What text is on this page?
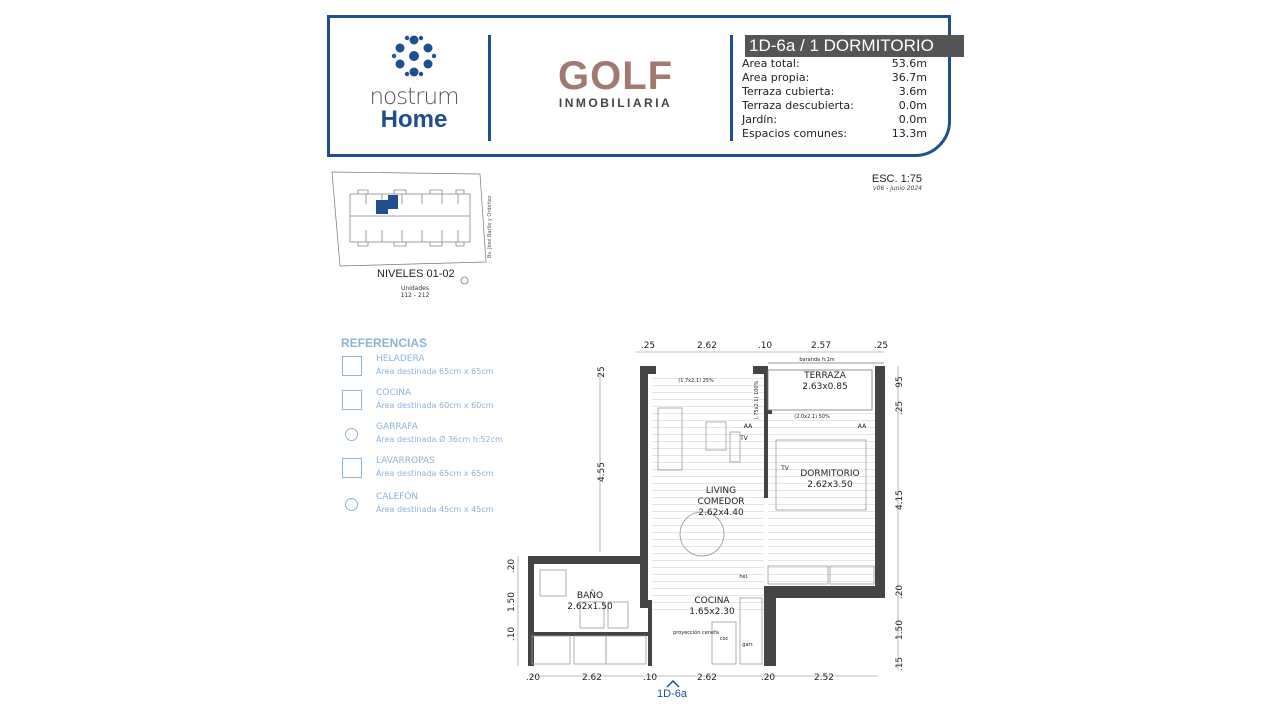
nostrum
Home
GOLF
INMOBILIARIA
1D-6a / 1 DORMITORIO
Area total:	53.6m
Area propia:	36.7m
Terraza cubierta:	3.6m
Terraza descubierta:	0.0m
Jardín:	0.0m
Espacios comunes:	13.3m
ESC. 1:75
v06 - junio 2024
Bv. José Batlle y Ordóñez
NIVELES 01-02
Unidades
112 - 212
REFERENCIAS
HELADERA
Área destinada 65cm x 65cm
COCINA
Área destinada 60cm x 60cm
GARRAFA
Área destinada Ø 36cm h:52cm
LAVARROPAS
Área destinada 65cm x 65cm
CALEFÓN
Área destinada 45cm x 45cm
TERRAZA
2.63x0.85
DORMITORIO
2.62x3.50
LIVING
COMEDOR
2.62x4.40
BAÑO
2.62x1.50
COCINA
1.65x2.30
.25	2.62	.10	2.57	.25
.20	2.62	.10	2.62	.20	2.52
25
4.55
.20
1.50
.10
95
.25
4.15
.20
1.50
.15
baranda h:1m
(1.7x2.1) 25%	(.75x2.1) 100%	(2.0x2.1) 50%
proyección cenefa
TV
AA
TV
AA
hel.
coc
garr.
1D-6a
